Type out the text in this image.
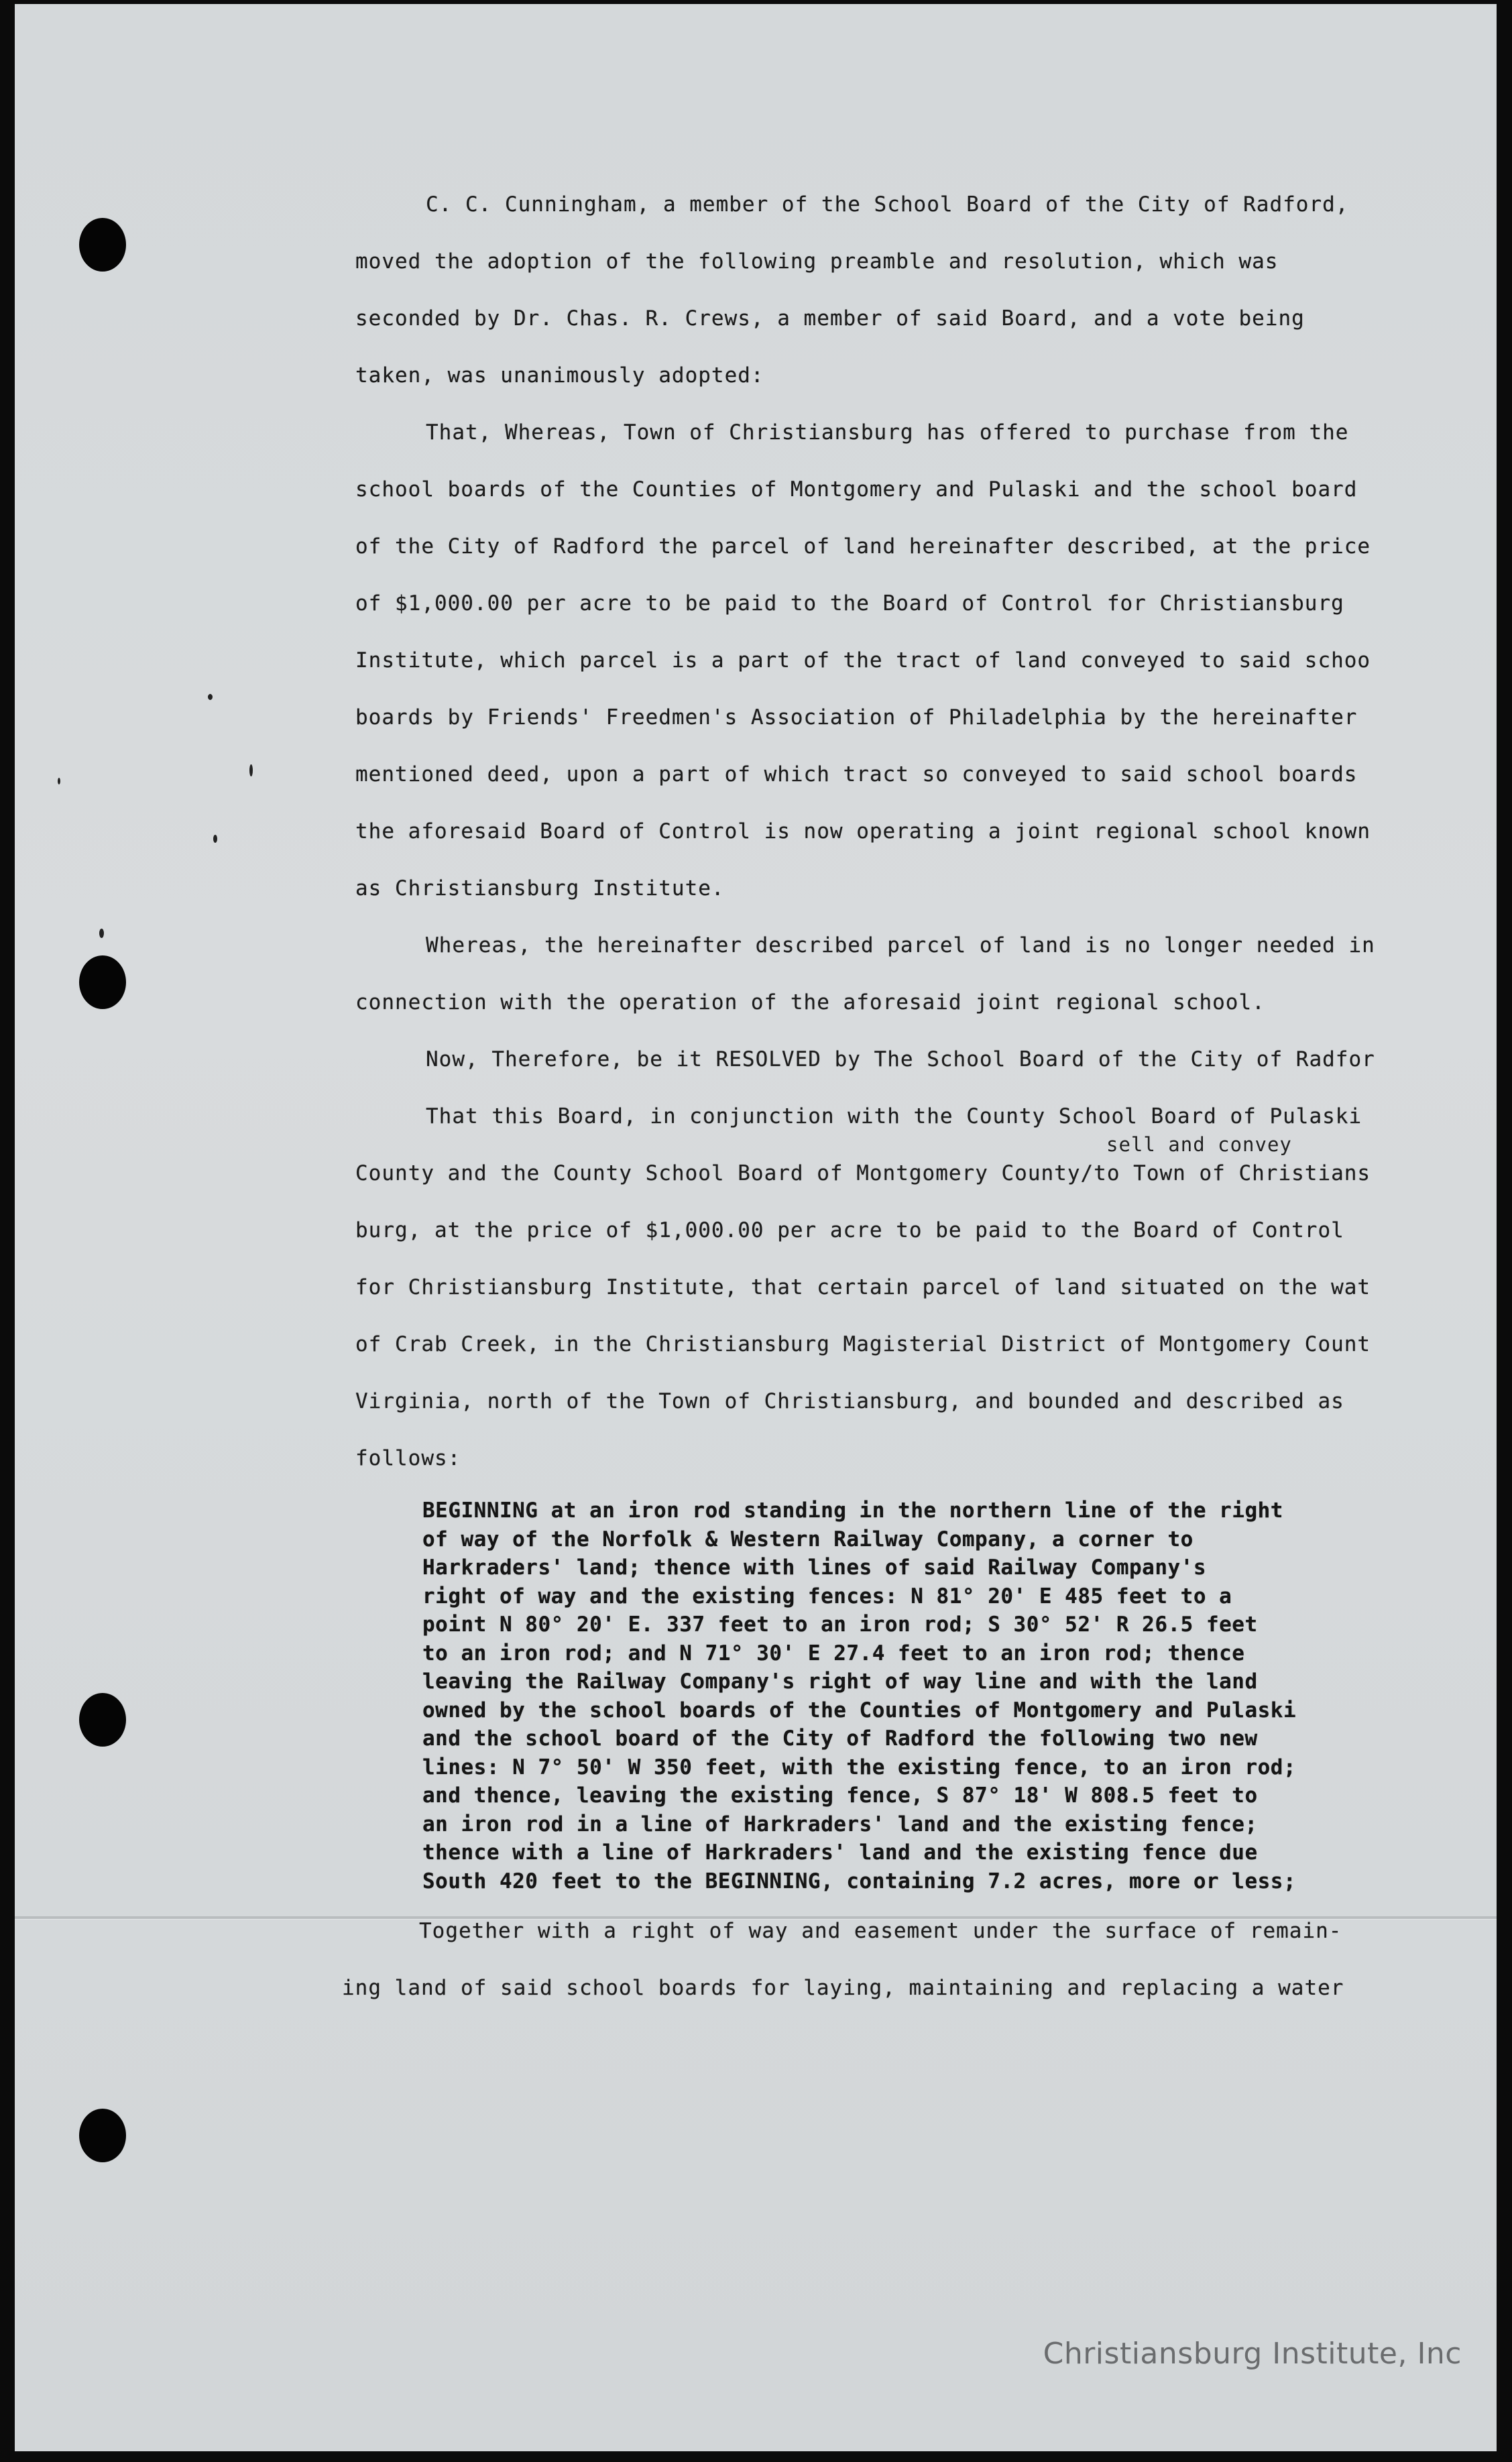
C. C. Cunningham, a member of the School Board of the City of Radford,

moved the adoption of the following preamble and resolution, which was

seconded by Dr. Chas. R. Crews, a member of said Board, and a vote being

taken, was unanimously adopted:

That, Whereas, Town of Christiansburg has offered to purchase from the

school boards of the Counties of Montgomery and Pulaski and the school board

of the City of Radford the parcel of land hereinafter described, at the price

of $1,000.00 per acre to be paid to the Board of Control for Christiansburg

Institute, which parcel is a part of the tract of land conveyed to said schoo

boards by Friends' Freedmen's Association of Philadelphia by the hereinafter

mentioned deed, upon a part of which tract so conveyed to said school boards

the aforesaid Board of Control is now operating a joint regional school known

as Christiansburg Institute.

Whereas, the hereinafter described parcel of land is no longer needed in

connection with the operation of the aforesaid joint regional school.

Now, Therefore, be it RESOLVED by The School Board of the City of Radfor

That this Board, in conjunction with the County School Board of Pulaski

County and the County School Board of Montgomery County/to Town of Christians

burg, at the price of $1,000.00 per acre to be paid to the Board of Control

for Christiansburg Institute, that certain parcel of land situated on the wat

of Crab Creek, in the Christiansburg Magisterial District of Montgomery Count

Virginia, north of the Town of Christiansburg, and bounded and described as

follows:

sell and convey
BEGINNING at an iron rod standing in the northern line of the right
of way of the Norfolk & Western Railway Company, a corner to
Harkraders' land; thence with lines of said Railway Company's
right of way and the existing fences: N 81° 20' E 485 feet to a
point N 80° 20' E. 337 feet to an iron rod; S 30° 52' R 26.5 feet
to an iron rod; and N 71° 30' E 27.4 feet to an iron rod; thence
leaving the Railway Company's right of way line and with the land
owned by the school boards of the Counties of Montgomery and Pulaski
and the school board of the City of Radford the following two new
lines: N 7° 50' W 350 feet, with the existing fence, to an iron rod;
and thence, leaving the existing fence, S 87° 18' W 808.5 feet to
an iron rod in a line of Harkraders' land and the existing fence;
thence with a line of Harkraders' land and the existing fence due
South 420 feet to the BEGINNING, containing 7.2 acres, more or less;

Together with a right of way and easement under the surface of remain-

ing land of said school boards for laying, maintaining and replacing a water

Christiansburg Institute, Inc
